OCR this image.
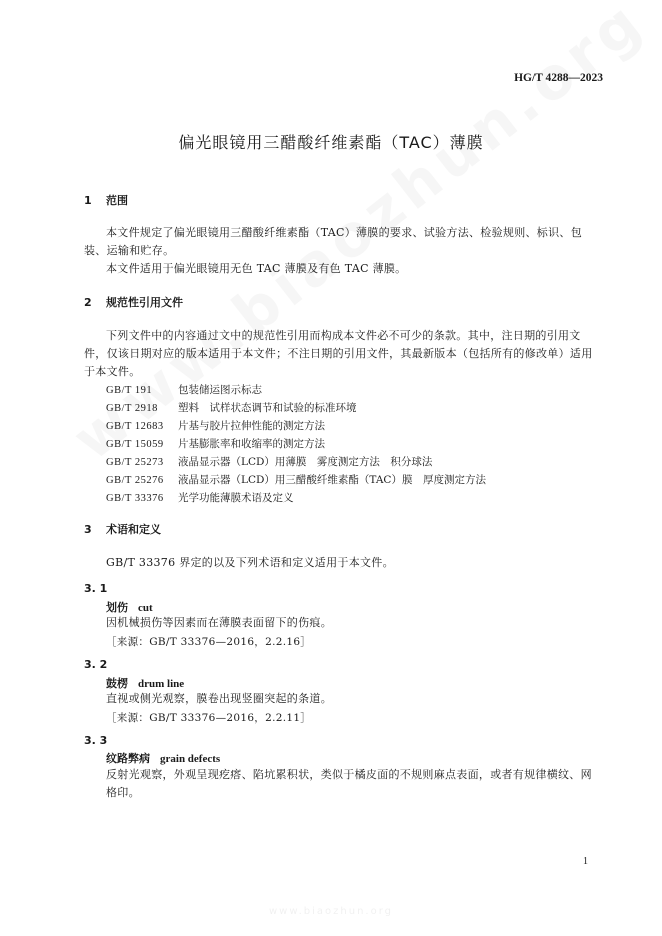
HG/T 4288—2023
偏光眼镜用三醋酸纤维素酯（TAC）薄膜
1 范围
本文件规定了偏光眼镜用三醋酸纤维素酯（TAC）薄膜的要求、试验方法、检验规则、标识、包装、运输和贮存。
本文件适用于偏光眼镜用无色 TAC 薄膜及有色 TAC 薄膜。
2 规范性引用文件
下列文件中的内容通过文中的规范性引用而构成本文件必不可少的条款。其中，注日期的引用文件，仅该日期对应的版本适用于本文件；不注日期的引用文件，其最新版本（包括所有的修改单）适用于本文件。
GB/T 191 包装储运图示标志
GB/T 2918 塑料　试样状态调节和试验的标准环境
GB/T 12683 片基与胶片拉伸性能的测定方法
GB/T 15059 片基膨胀率和收缩率的测定方法
GB/T 25273 液晶显示器（LCD）用薄膜　雾度测定方法　积分球法
GB/T 25276 液晶显示器（LCD）用三醋酸纤维素酯（TAC）膜　厚度测定方法
GB/T 33376 光学功能薄膜术语及定义
3 术语和定义
GB/T 33376 界定的以及下列术语和定义适用于本文件。
3. 1
划伤 cut
因机械损伤等因素而在薄膜表面留下的伤痕。
［来源：GB/T 33376—2016，2.2.16］
3. 2
鼓楞 drum line
直视或侧光观察，膜卷出现竖圈突起的条道。
［来源：GB/T 33376—2016，2.2.11］
3. 3
纹路弊病 grain defects
反射光观察，外观呈现疙瘩、陷坑累积状，类似于橘皮面的不规则麻点表面，或者有规律横纹、网格印。
1
www.biaozhun.org
